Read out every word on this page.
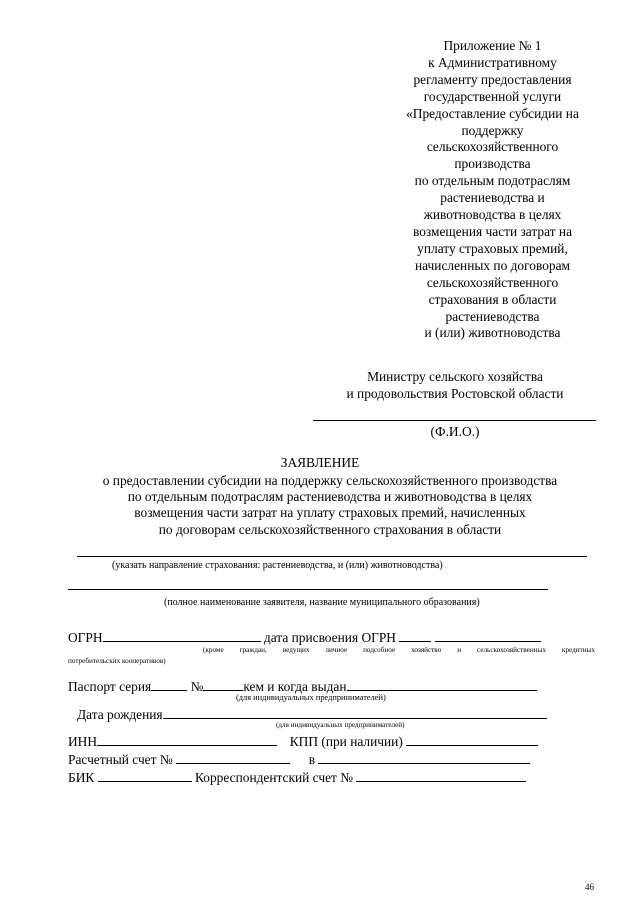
Приложение № 1
к Административному
регламенту предоставления
государственной услуги
«Предоставление субсидии на
поддержку
сельскохозяйственного
производства
по отдельным подотраслям
растениеводства и
животноводства в целях
возмещения части затрат на
уплату страховых премий,
начисленных по договорам
сельскохозяйственного
страхования в области
растениеводства
и (или) животноводства
Министру сельского хозяйства
и продовольствия Ростовской области
(Ф.И.О.)
ЗАЯВЛЕНИЕ
о предоставлении субсидии на поддержку сельскохозяйственного производства
по отдельным подотраслям растениеводства и животноводства в целях
возмещения части затрат на уплату страховых премий, начисленных
по договорам сельскохозяйственного страхования в области
(указать направление страхования: растениеводства, и (или) животноводства)
(полное наименование заявителя, название муниципального образования)
ОГРН	дата присвоения ОГРН
(кроме граждан, ведущих личное подсобное хозяйство и сельскохозяйственных кредитных
потребительских кооперативов)
Паспорт серия	№	кем и когда выдан
(для индивидуальных предпринимателей)
Дата рождения
(для индивидуальных предпринимателей)
ИНН	КПП (при наличии)
Расчетный счет №	в
БИК	Корреспондентский счет №
46
